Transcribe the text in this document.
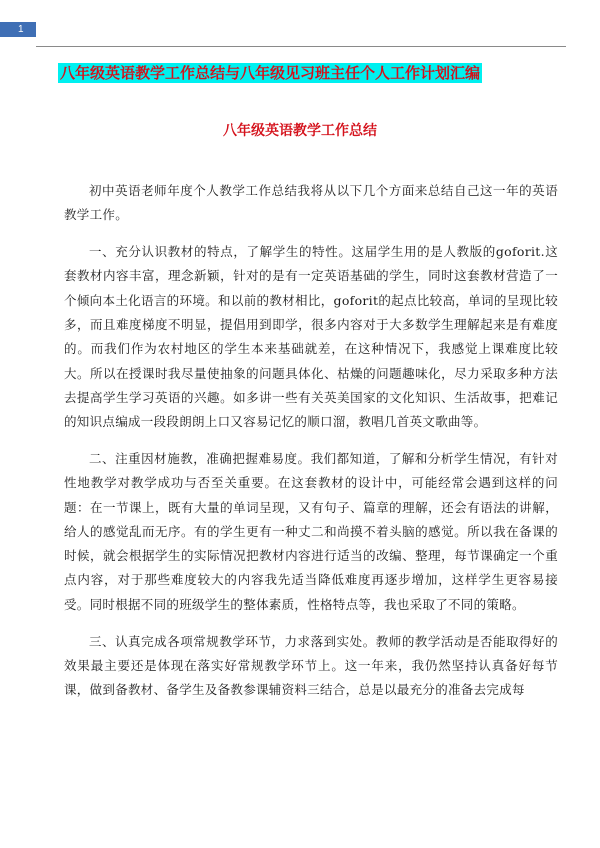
1
八年级英语教学工作总结与八年级见习班主任个人工作计划汇编
八年级英语教学工作总结

初中英语老师年度个人教学工作总结我将从以下几个方面来总结自己这一年的英语教学工作。

一、充分认识教材的特点，了解学生的特性。这届学生用的是人教版的goforit.这套教材内容丰富，理念新颖，针对的是有一定英语基础的学生，同时这套教材营造了一个倾向本土化语言的环境。和以前的教材相比，goforit的起点比较高，单词的呈现比较多，而且难度梯度不明显，提倡用到即学，很多内容对于大多数学生理解起来是有难度的。而我们作为农村地区的学生本来基础就差，在这种情况下，我感觉上课难度比较大。所以在授课时我尽量使抽象的问题具体化、枯燥的问题趣味化，尽力采取多种方法去提高学生学习英语的兴趣。如多讲一些有关英美国家的文化知识、生活故事，把难记的知识点编成一段段朗朗上口又容易记忆的顺口溜，教唱几首英文歌曲等。

二、注重因材施教，准确把握难易度。我们都知道，了解和分析学生情况，有针对性地教学对教学成功与否至关重要。在这套教材的设计中，可能经常会遇到这样的问题：在一节课上，既有大量的单词呈现，又有句子、篇章的理解，还会有语法的讲解，给人的感觉乱而无序。有的学生更有一种丈二和尚摸不着头脑的感觉。所以我在备课的时候，就会根据学生的实际情况把教材内容进行适当的改编、整理，每节课确定一个重点内容，对于那些难度较大的内容我先适当降低难度再逐步增加，这样学生更容易接受。同时根据不同的班级学生的整体素质，性格特点等，我也采取了不同的策略。

三、认真完成各项常规教学环节，力求落到实处。教师的教学活动是否能取得好的效果最主要还是体现在落实好常规教学环节上。这一年来，我仍然坚持认真备好每节课，做到备教材、备学生及备教参课辅资料三结合，总是以最充分的准备去完成每
